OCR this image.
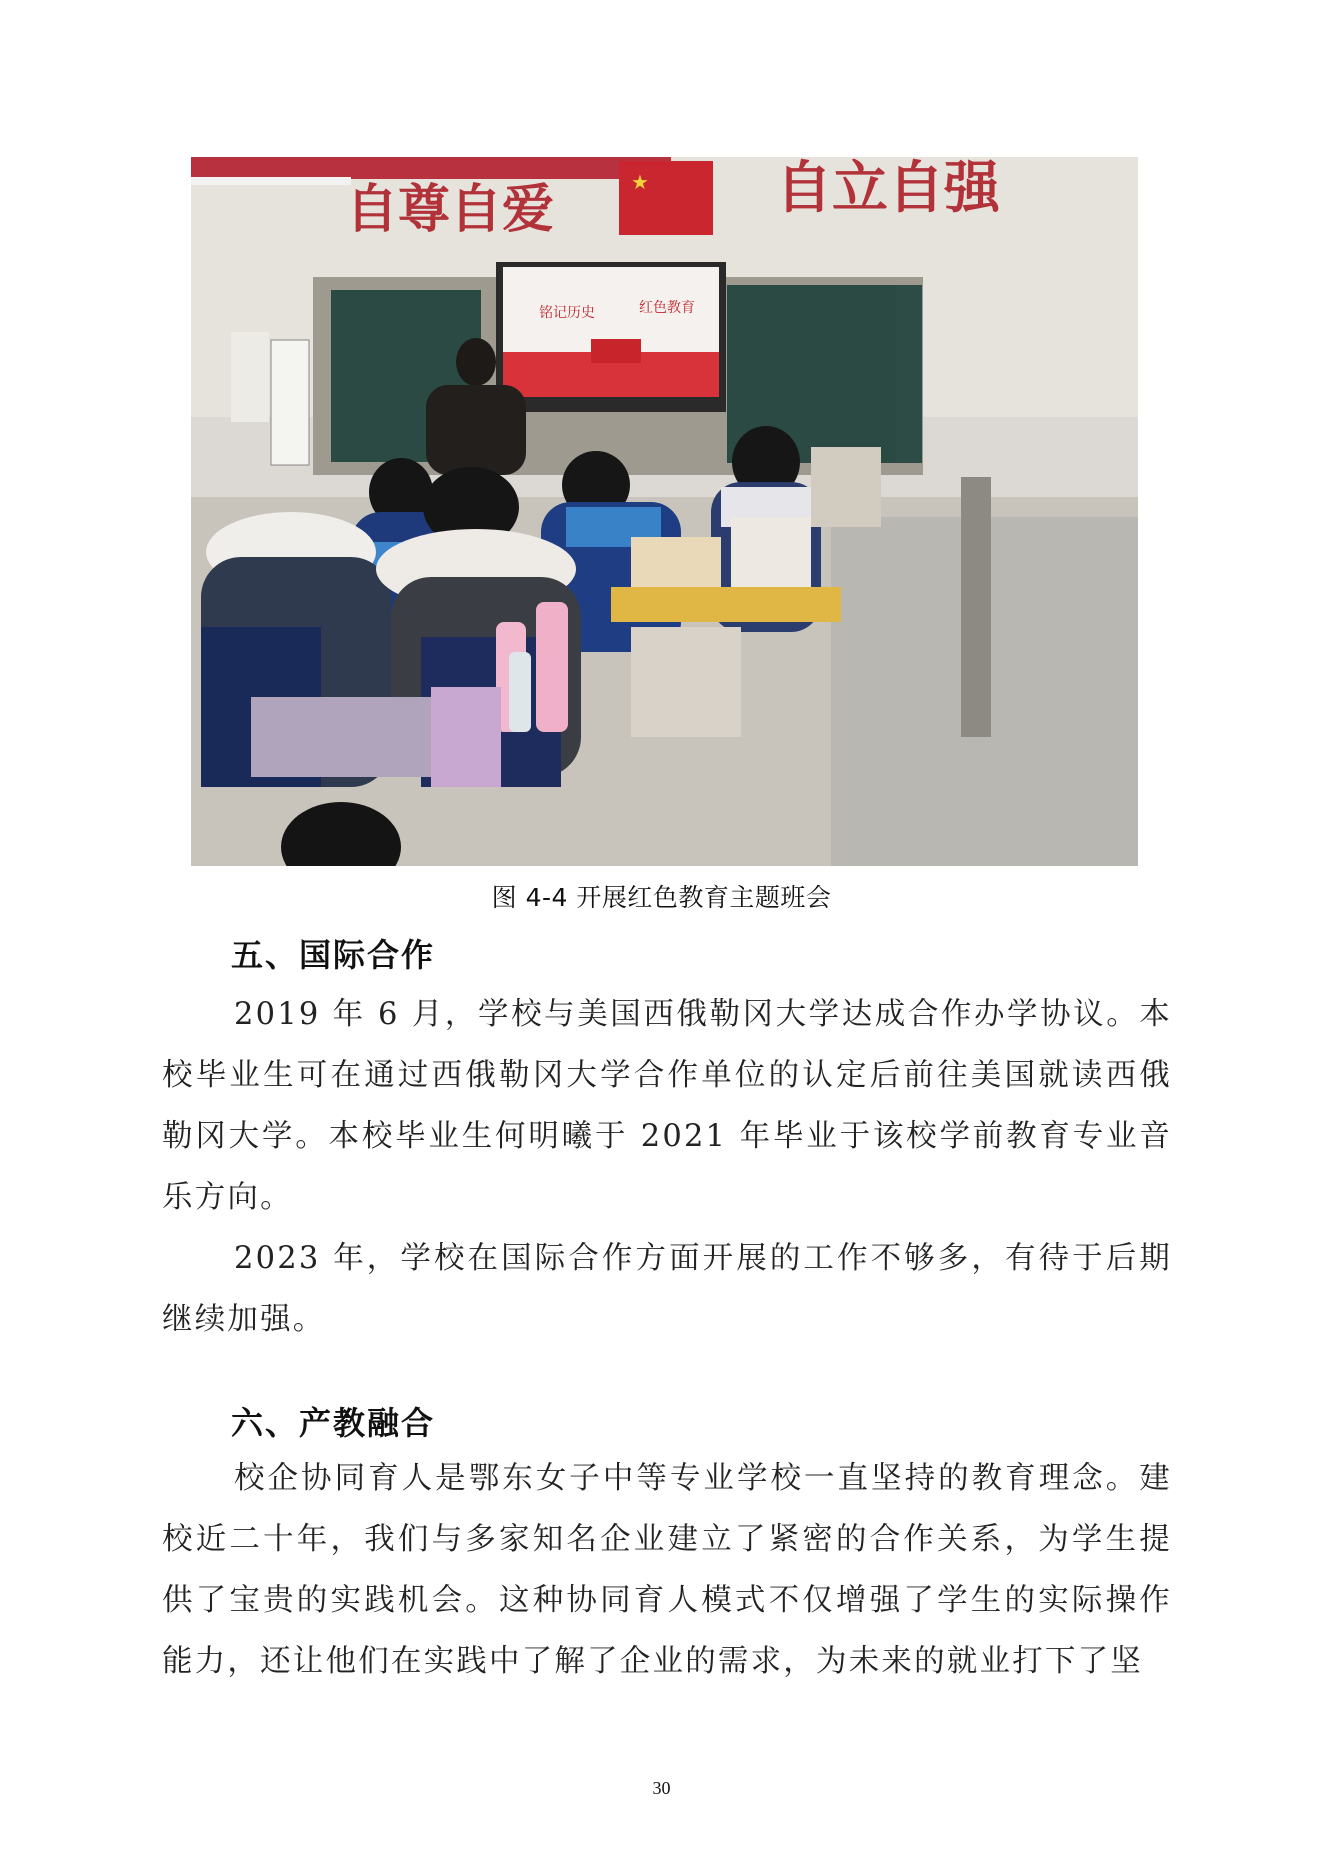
★
自尊自爱	自立自强
铭记历史	红色教育
图 4-4 开展红色教育主题班会
五、国际合作
2019 年 6 月，学校与美国西俄勒冈大学达成合作办学协议。本校毕业生可在通过西俄勒冈大学合作单位的认定后前往美国就读西俄勒冈大学。本校毕业生何明曦于 2021 年毕业于该校学前教育专业音乐方向。
2023 年，学校在国际合作方面开展的工作不够多，有待于后期继续加强。
六、产教融合
校企协同育人是鄂东女子中等专业学校一直坚持的教育理念。建校近二十年，我们与多家知名企业建立了紧密的合作关系，为学生提供了宝贵的实践机会。这种协同育人模式不仅增强了学生的实际操作能力，还让他们在实践中了解了企业的需求，为未来的就业打下了坚
30
